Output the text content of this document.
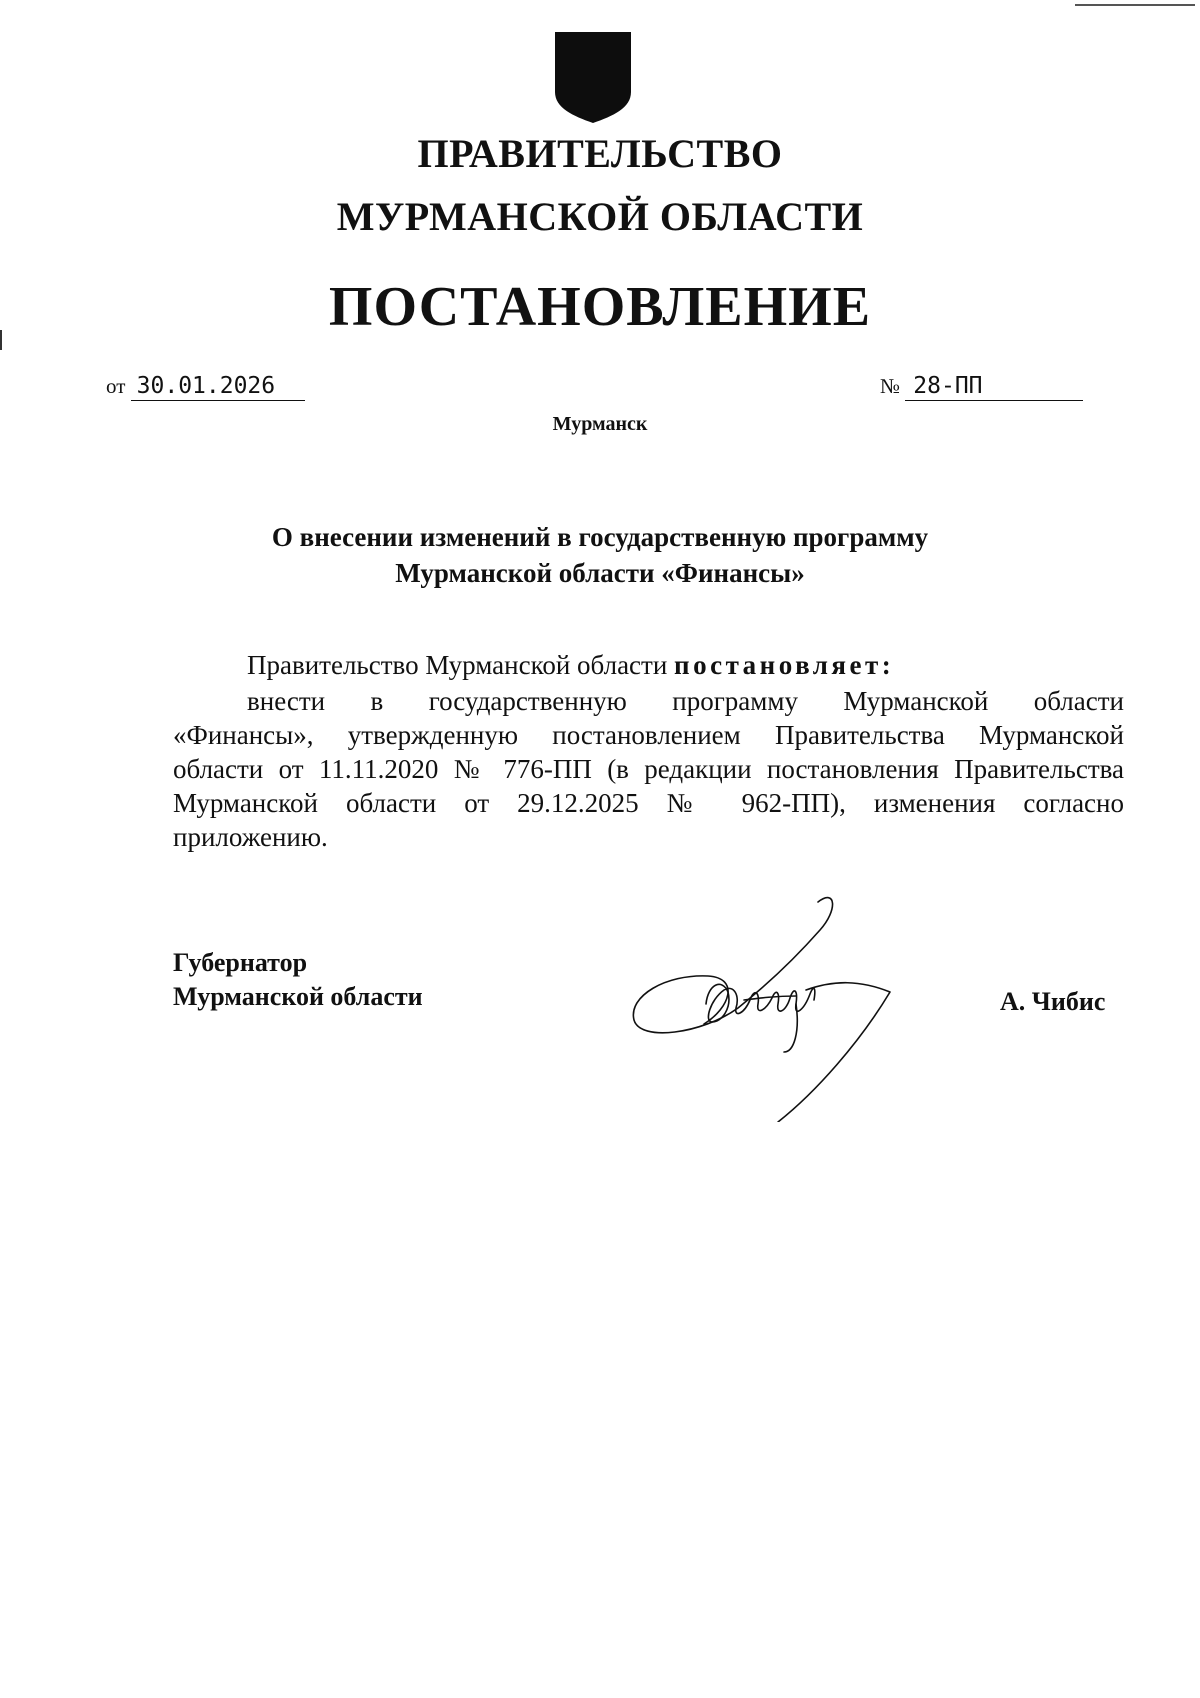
ПРАВИТЕЛЬСТВО
МУРМАНСКОЙ ОБЛАСТИ
ПОСТАНОВЛЕНИЕ
от 30.01.2026	№ 28-ПП
Мурманск
О внесении изменений в государственную программу
Мурманской области «Финансы»
Правительство Мурманской области постановляет:
внести в государственную программу Мурманской области
«Финансы», утвержденную постановлением Правительства Мурманской
области от 11.11.2020 № 776-ПП (в редакции постановления Правительства
Мурманской области от 29.12.2025 № 962-ПП), изменения согласно
приложению.
Губернатор
Мурманской области	А. Чибис
